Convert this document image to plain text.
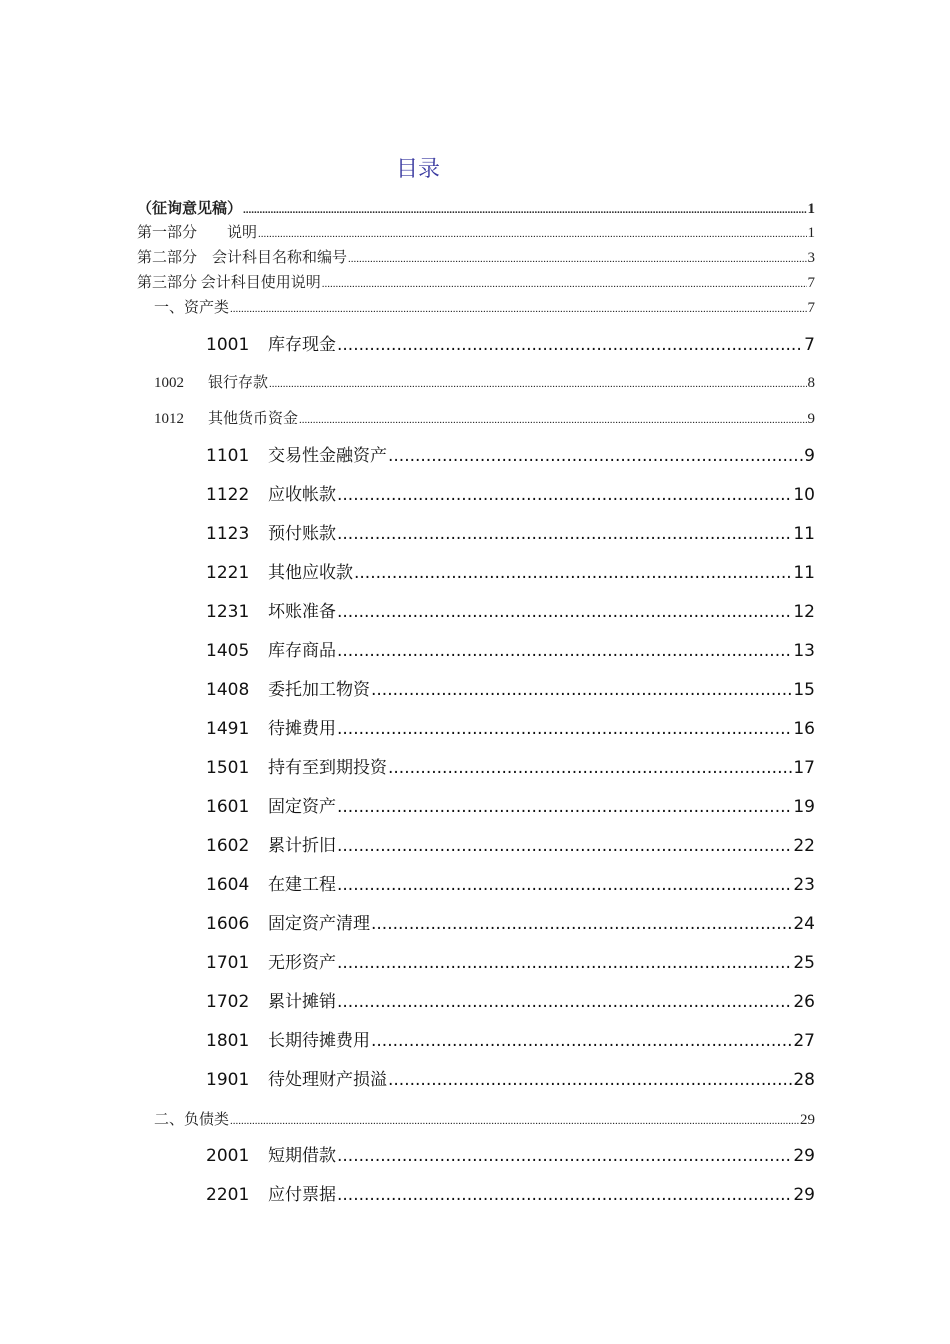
目录
（征询意见稿） .....	1
第一部分　　说明 .....	1
第二部分　会计科目名称和编号 .....	3
第三部分 会计科目使用说明 .....	7
一、资产类 .....	7
1001 库存现金 .....	7
1002 银行存款 .....	8
1012 其他货币资金 .....	9
1101 交易性金融资产 .....	9
1122 应收帐款 .....	10
1123 预付账款 .....	11
1221 其他应收款 .....	11
1231 坏账准备 .....	12
1405 库存商品 .....	13
1408 委托加工物资 .....	15
1491 待摊费用 .....	16
1501 持有至到期投资 .....	17
1601 固定资产 .....	19
1602 累计折旧 .....	22
1604 在建工程 .....	23
1606 固定资产清理 .....	24
1701 无形资产 .....	25
1702 累计摊销 .....	26
1801 长期待摊费用 .....	27
1901 待处理财产损溢 .....	28
二、负债类 .....	29
2001 短期借款 .....	29
2201 应付票据 .....	29
